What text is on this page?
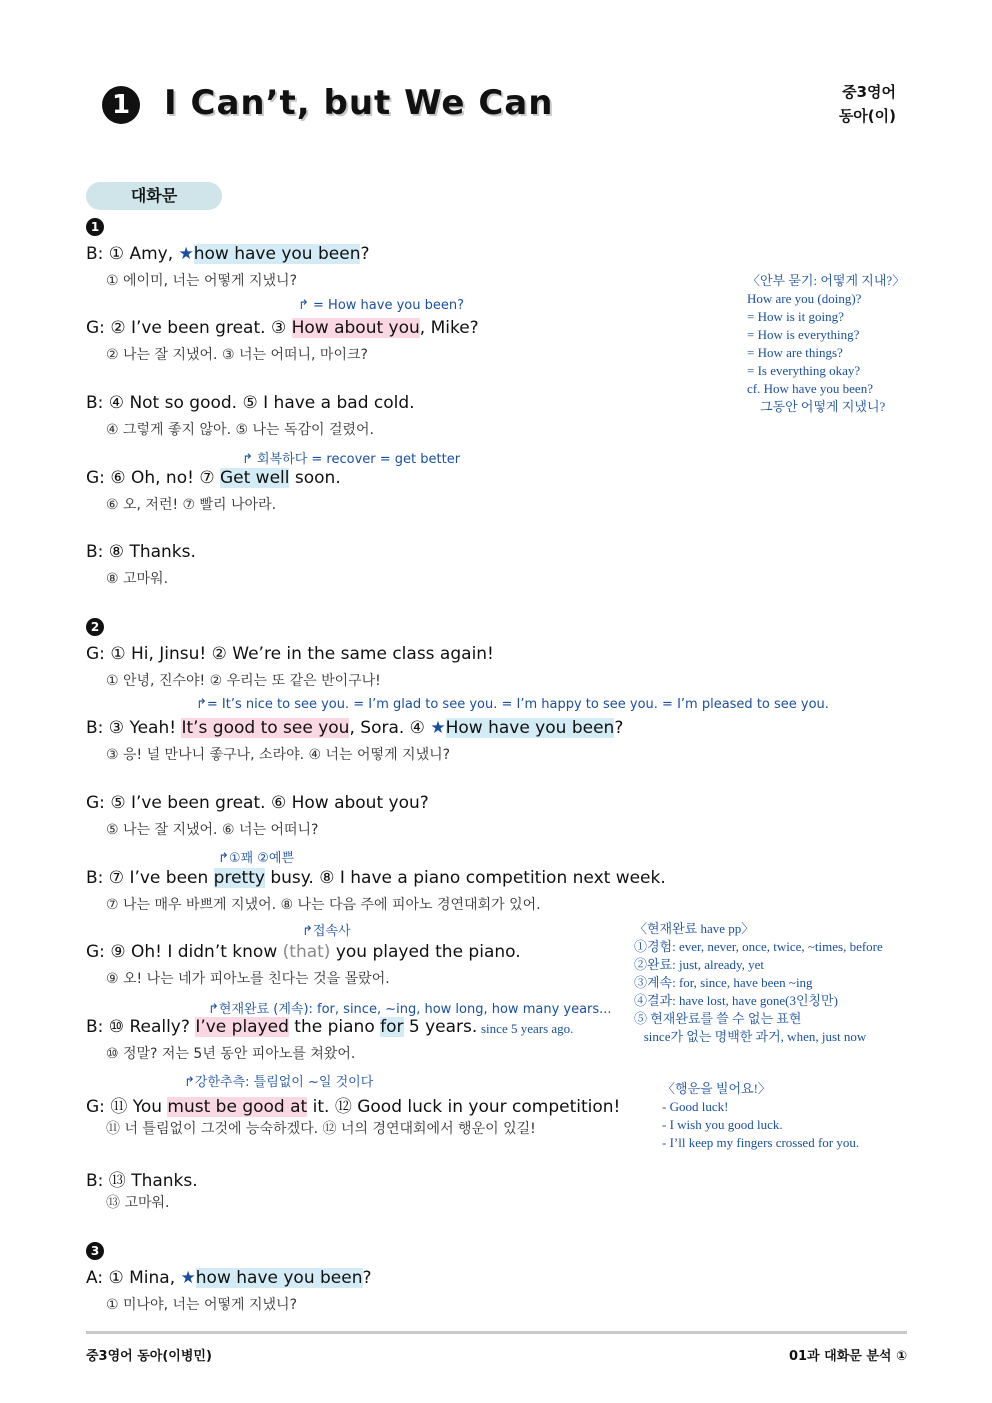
1 I Can’t, but We Can	중3영어
동아(이)
대화문
1
B: ① Amy, ★how have you been?
① 에이미, 너는 어떻게 지냈니?
↱ = How have you been?
G: ② I’ve been great. ③ How about you, Mike?
② 나는 잘 지냈어. ③ 너는 어떠니, 마이크?
B: ④ Not so good. ⑤ I have a bad cold.
④ 그렇게 좋지 않아. ⑤ 나는 독감이 걸렸어.
↱ 회복하다 = recover = get better
G: ⑥ Oh, no! ⑦ Get well soon.
⑥ 오, 저런! ⑦ 빨리 나아라.
B: ⑧ Thanks.
⑧ 고마워.
2
G: ① Hi, Jinsu! ② We’re in the same class again!
① 안녕, 진수야! ② 우리는 또 같은 반이구나!
↱= It’s nice to see you. = I’m glad to see you. = I’m happy to see you. = I’m pleased to see you.
B: ③ Yeah! It’s good to see you, Sora. ④ ★How have you been?
③ 응! 널 만나니 좋구나, 소라야. ④ 너는 어떻게 지냈니?
G: ⑤ I’ve been great. ⑥ How about you?
⑤ 나는 잘 지냈어. ⑥ 너는 어떠니?
↱①꽤 ②예쁜
B: ⑦ I’ve been pretty busy. ⑧ I have a piano competition next week.
⑦ 나는 매우 바쁘게 지냈어. ⑧ 나는 다음 주에 피아노 경연대회가 있어.
↱접속사
G: ⑨ Oh! I didn’t know (that) you played the piano.
⑨ 오! 나는 네가 피아노를 친다는 것을 몰랐어.
↱현재완료 (계속): for, since, ~ing, how long, how many years...
B: ⑩ Really? I’ve played the piano for 5 years.
⑩ 정말? 저는 5년 동안 피아노를 쳐왔어.
since 5 years ago.
↱강한추측: 틀림없이 ~일 것이다
G: ⑪ You must be good at it. ⑫ Good luck in your competition!
⑪ 너 틀림없이 그것에 능숙하겠다. ⑫ 너의 경연대회에서 행운이 있길!
B: ⑬ Thanks.
⑬ 고마워.
3
A: ① Mina, ★how have you been?
① 미나야, 너는 어떻게 지냈니?
〈안부 묻기: 어떻게 지내?〉
How are you (doing)?
= How is it going?
= How is everything?
= How are things?
= Is everything okay?
cf. How have you been?
그동안 어떻게 지냈니?
〈현재완료 have pp〉
①경험: ever, never, once, twice, ~times, before
②완료: just, already, yet
③계속: for, since, have been ~ing
④결과: have lost, have gone(3인칭만)
⑤ 현재완료를 쓸 수 없는 표현
since가 없는 명백한 과거, when, just now
〈행운을 빌어요!〉
- Good luck!
- I wish you good luck.
- I’ll keep my fingers crossed for you.
중3영어 동아(이병민)	01과 대화문 분석 ①
